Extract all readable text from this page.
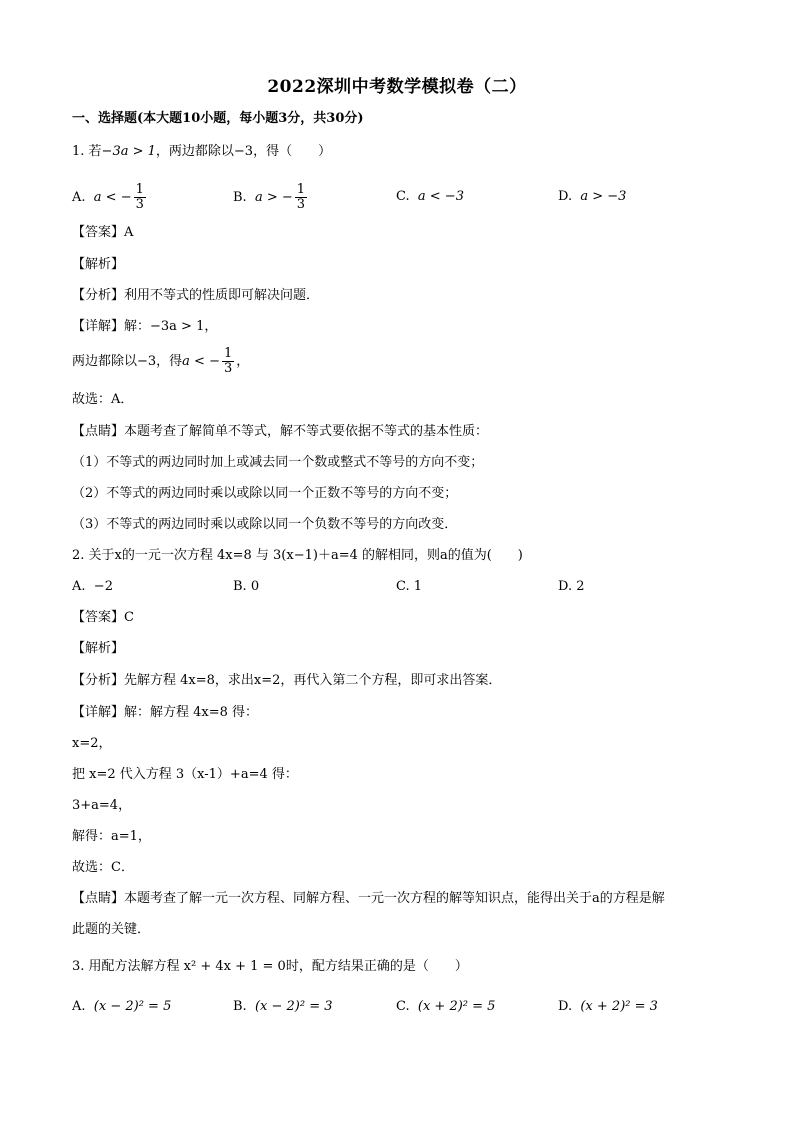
2022深圳中考数学模拟卷（二）
一、选择题(本大题10小题，每小题3分，共30分)
1. 若−3a > 1，两边都除以−3，得（　　）
A. a < − $\frac{1}{3}$	B. a > − $\frac{1}{3}$	C. a < −3	D. a > −3
【答案】A
【解析】
【分析】利用不等式的性质即可解决问题．
【详解】解：−3a > 1，
两边都除以−3，得a < − $\frac{1}{3}$ ，
故选：A．
【点睛】本题考查了解简单不等式，解不等式要依据不等式的基本性质：
（1）不等式的两边同时加上或减去同一个数或整式不等号的方向不变；
（2）不等式的两边同时乘以或除以同一个正数不等号的方向不变；
（3）不等式的两边同时乘以或除以同一个负数不等号的方向改变．
2. 关于x的一元一次方程 4x=8 与 3(x−1)＋a=4 的解相同，则a的值为(　　)
A. −2	B. 0	C. 1	D. 2
【答案】C
【解析】
【分析】先解方程 4x=8，求出x=2，再代入第二个方程，即可求出答案．
【详解】解：解方程 4x=8 得：
x=2，
把 x=2 代入方程 3（x-1）+a=4 得：
3+a=4，
解得：a=1，
故选：C．
【点睛】本题考查了解一元一次方程、同解方程、一元一次方程的解等知识点，能得出关于a的方程是解
此题的关键．
3. 用配方法解方程 x² + 4x + 1 = 0时，配方结果正确的是（　　）
A. (x − 2)² = 5	B. (x − 2)² = 3	C. (x + 2)² = 5	D. (x + 2)² = 3
